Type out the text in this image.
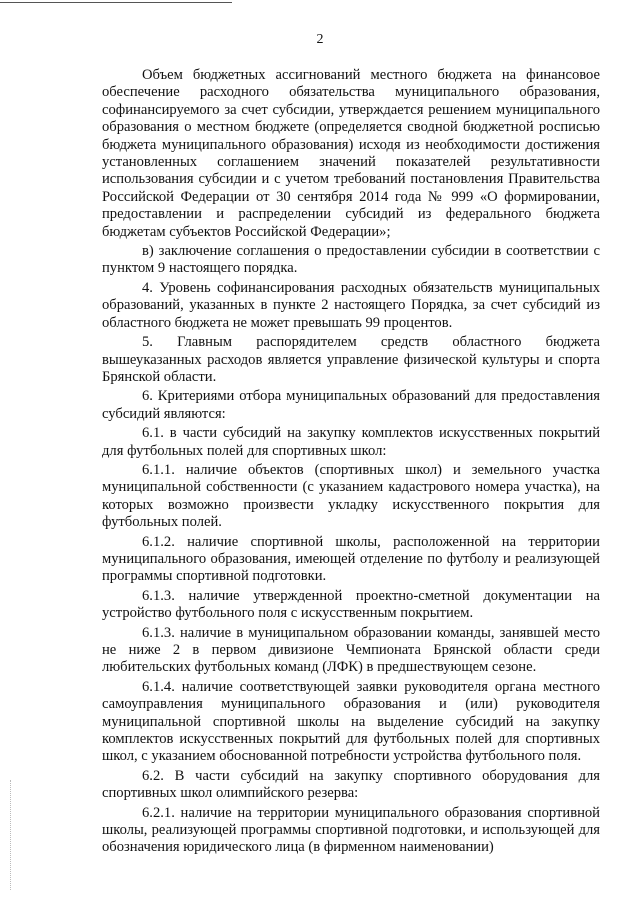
2

Объем бюджетных ассигнований местного бюджета на финансовое обеспечение расходного обязательства муниципального образования, софинансируемого за счет субсидии, утверждается решением муниципального образования о местном бюджете (определяется сводной бюджетной росписью бюджета муниципального образования) исходя из необходимости достижения установленных соглашением значений показателей результативности использования субсидии и с учетом требований постановления Правительства Российской Федерации от 30 сентября 2014 года № 999 «О формировании, предоставлении и распределении субсидий из федерального бюджета бюджетам субъектов Российской Федерации»;

в) заключение соглашения о предоставлении субсидии в соответствии с пунктом 9 настоящего порядка.

4. Уровень софинансирования расходных обязательств муниципальных образований, указанных в пункте 2 настоящего Порядка, за счет субсидий из областного бюджета не может превышать 99 процентов.

5. Главным распорядителем средств областного бюджета вышеуказанных расходов является управление физической культуры и спорта Брянской области.

6. Критериями отбора муниципальных образований для предоставления субсидий являются:

6.1. в части субсидий на закупку комплектов искусственных покрытий для футбольных полей для спортивных школ:

6.1.1. наличие объектов (спортивных школ) и земельного участка муниципальной собственности (с указанием кадастрового номера участка), на которых возможно произвести укладку искусственного покрытия для футбольных полей.

6.1.2. наличие спортивной школы, расположенной на территории муниципального образования, имеющей отделение по футболу и реализующей программы спортивной подготовки.

6.1.3. наличие утвержденной проектно-сметной документации на устройство футбольного поля с искусственным покрытием.

6.1.3. наличие в муниципальном образовании команды, занявшей место не ниже 2 в первом дивизионе Чемпионата Брянской области среди любительских футбольных команд (ЛФК) в предшествующем сезоне.

6.1.4. наличие соответствующей заявки руководителя органа местного самоуправления муниципального образования и (или) руководителя муниципальной спортивной школы на выделение субсидий на закупку комплектов искусственных покрытий для футбольных полей для спортивных школ, с указанием обоснованной потребности устройства футбольного поля.

6.2. В части субсидий на закупку спортивного оборудования для спортивных школ олимпийского резерва:

6.2.1. наличие на территории муниципального образования спортивной школы, реализующей программы спортивной подготовки, и использующей для обозначения юридического лица (в фирменном наименовании)
